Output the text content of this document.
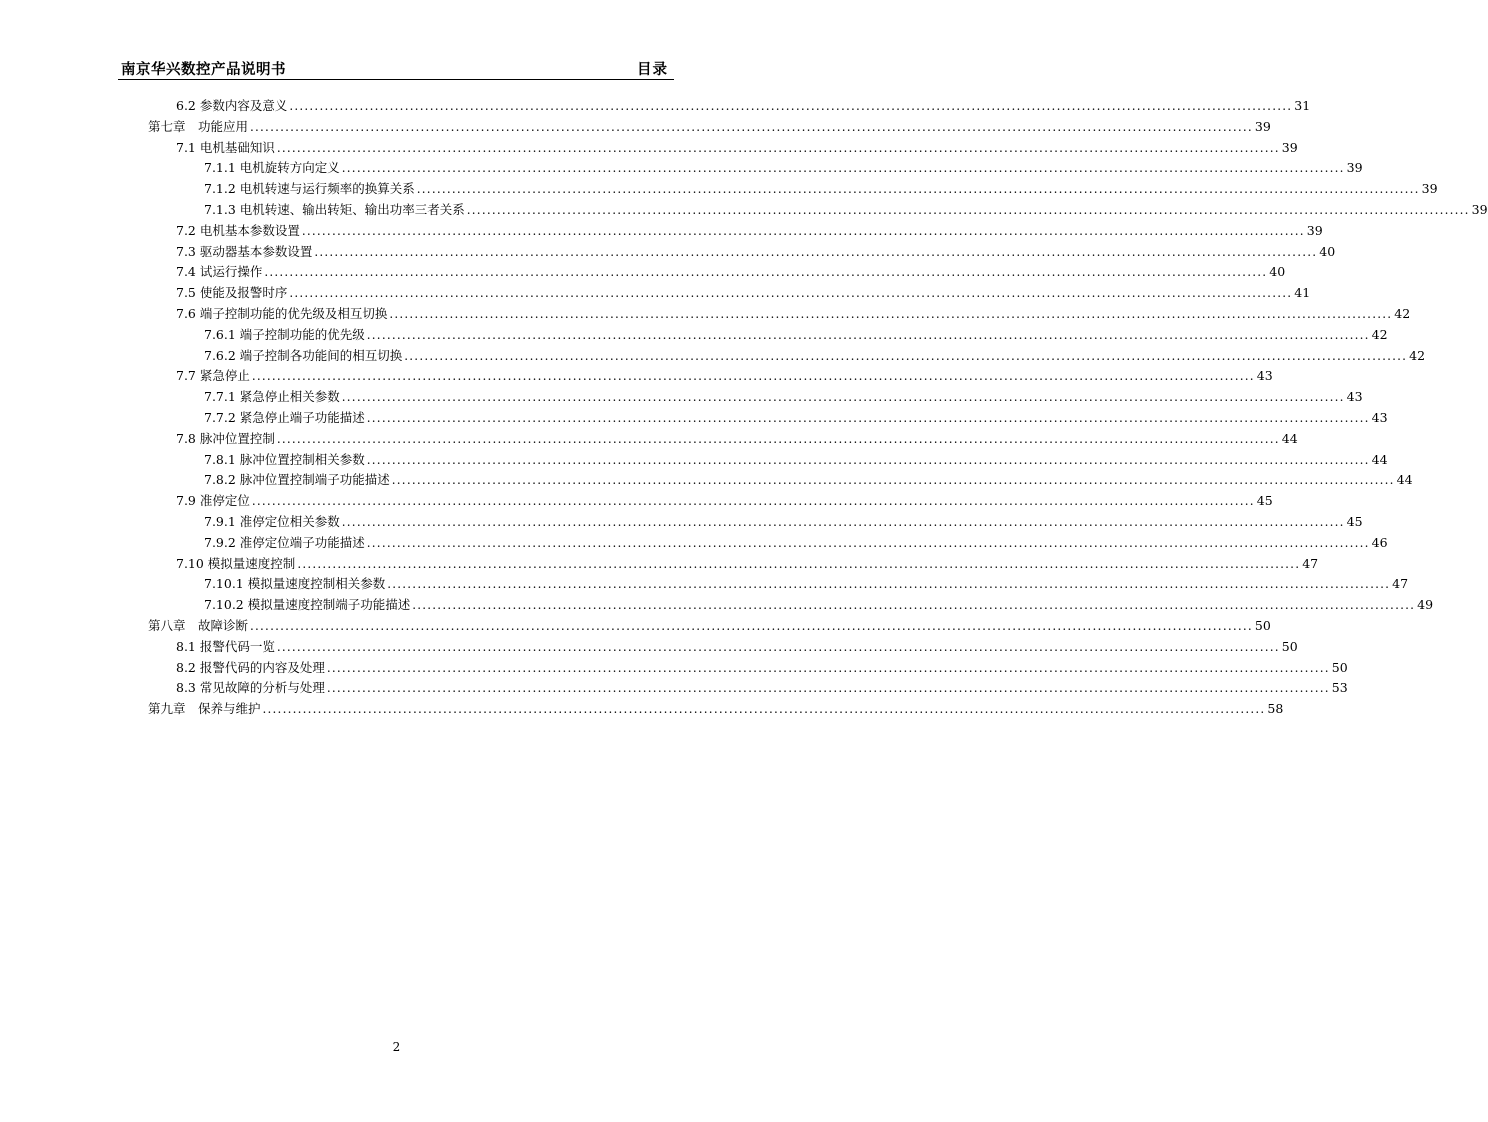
南京华兴数控产品说明书	目录
6.2 参数内容及意义 ........................................................................................................................................................................................................ 31
第七章　功能应用 ........................................................................................................................................................................................................ 39
7.1 电机基础知识 ........................................................................................................................................................................................................ 39
7.1.1 电机旋转方向定义 ........................................................................................................................................................................................................ 39
7.1.2 电机转速与运行频率的换算关系 ........................................................................................................................................................................................................ 39
7.1.3 电机转速、输出转矩、输出功率三者关系 ........................................................................................................................................................................................................ 39
7.2 电机基本参数设置 ........................................................................................................................................................................................................ 39
7.3 驱动器基本参数设置 ........................................................................................................................................................................................................ 40
7.4 试运行操作 ........................................................................................................................................................................................................ 40
7.5 使能及报警时序 ........................................................................................................................................................................................................ 41
7.6 端子控制功能的优先级及相互切换 ........................................................................................................................................................................................................ 42
7.6.1 端子控制功能的优先级 ........................................................................................................................................................................................................ 42
7.6.2 端子控制各功能间的相互切换 ........................................................................................................................................................................................................ 42
7.7 紧急停止 ........................................................................................................................................................................................................ 43
7.7.1 紧急停止相关参数 ........................................................................................................................................................................................................ 43
7.7.2 紧急停止端子功能描述 ........................................................................................................................................................................................................ 43
7.8 脉冲位置控制 ........................................................................................................................................................................................................ 44
7.8.1 脉冲位置控制相关参数 ........................................................................................................................................................................................................ 44
7.8.2 脉冲位置控制端子功能描述 ........................................................................................................................................................................................................ 44
7.9 准停定位 ........................................................................................................................................................................................................ 45
7.9.1 准停定位相关参数 ........................................................................................................................................................................................................ 45
7.9.2 准停定位端子功能描述 ........................................................................................................................................................................................................ 46
7.10 模拟量速度控制 ........................................................................................................................................................................................................ 47
7.10.1 模拟量速度控制相关参数 ........................................................................................................................................................................................................ 47
7.10.2 模拟量速度控制端子功能描述 ........................................................................................................................................................................................................ 49
第八章　故障诊断 ........................................................................................................................................................................................................ 50
8.1 报警代码一览 ........................................................................................................................................................................................................ 50
8.2 报警代码的内容及处理 ........................................................................................................................................................................................................ 50
8.3 常见故障的分析与处理 ........................................................................................................................................................................................................ 53
第九章　保养与维护 ........................................................................................................................................................................................................ 58
2
